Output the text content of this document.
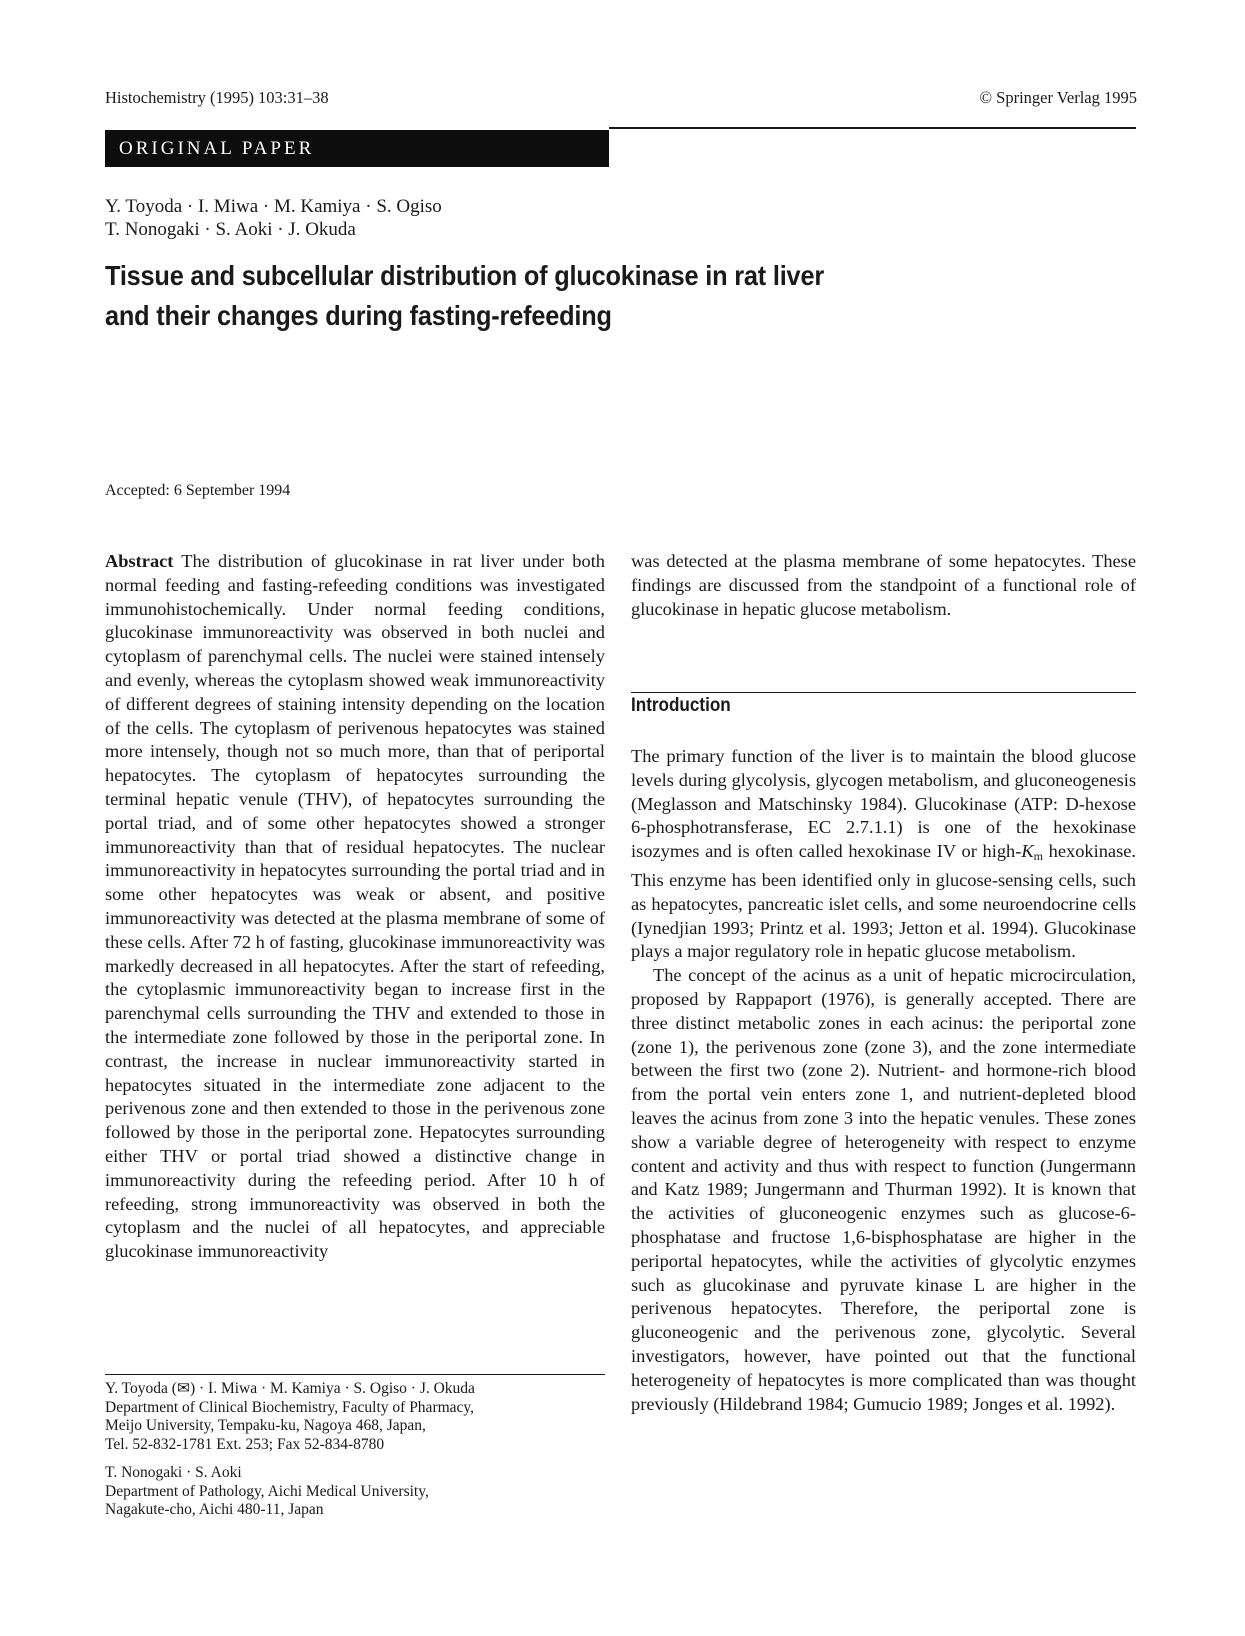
Histochemistry (1995) 103:31–38	© Springer Verlag 1995
ORIGINAL PAPER
Y. Toyoda · I. Miwa · M. Kamiya · S. Ogiso
T. Nonogaki · S. Aoki · J. Okuda
Tissue and subcellular distribution of glucokinase in rat liver
and their changes during fasting-refeeding
Accepted: 6 September 1994

Abstract The distribution of glucokinase in rat liver under both normal feeding and fasting-refeeding conditions was investigated immunohistochemically. Under normal feeding conditions, glucokinase immunoreactivity was observed in both nuclei and cytoplasm of parenchymal cells. The nuclei were stained intensely and evenly, whereas the cytoplasm showed weak immunoreactivity of different degrees of staining intensity depending on the location of the cells. The cytoplasm of perivenous hepatocytes was stained more intensely, though not so much more, than that of periportal hepatocytes. The cytoplasm of hepatocytes surrounding the terminal hepatic venule (THV), of hepatocytes surrounding the portal triad, and of some other hepatocytes showed a stronger immunoreactivity than that of residual hepatocytes. The nuclear immunoreactivity in hepatocytes surrounding the portal triad and in some other hepatocytes was weak or absent, and positive immunoreactivity was detected at the plasma membrane of some of these cells. After 72 h of fasting, glucokinase immunoreactivity was markedly decreased in all hepatocytes. After the start of refeeding, the cytoplasmic immunoreactivity began to increase first in the parenchymal cells surrounding the THV and extended to those in the intermediate zone followed by those in the periportal zone. In contrast, the increase in nuclear immunoreactivity started in hepatocytes situated in the intermediate zone adjacent to the perivenous zone and then extended to those in the perivenous zone followed by those in the periportal zone. Hepatocytes surrounding either THV or portal triad showed a distinctive change in immunoreactivity during the refeeding period. After 10 h of refeeding, strong immunoreactivity was observed in both the cytoplasm and the nuclei of all hepatocytes, and appreciable glucokinase immunoreactivity

Y. Toyoda (✉) · I. Miwa · M. Kamiya · S. Ogiso · J. Okuda
Department of Clinical Biochemistry, Faculty of Pharmacy,
Meijo University, Tempaku-ku, Nagoya 468, Japan,
Tel. 52-832-1781 Ext. 253; Fax 52-834-8780
T. Nonogaki · S. Aoki
Department of Pathology, Aichi Medical University,
Nagakute-cho, Aichi 480-11, Japan

was detected at the plasma membrane of some hepatocytes. These findings are discussed from the standpoint of a functional role of glucokinase in hepatic glucose metabolism.

Introduction

The primary function of the liver is to maintain the blood glucose levels during glycolysis, glycogen metabolism, and gluconeogenesis (Meglasson and Matschinsky 1984). Glucokinase (ATP: D-hexose 6-phosphotransferase, EC 2.7.1.1) is one of the hexokinase isozymes and is often called hexokinase IV or high-$K_m$ hexokinase. This enzyme has been identified only in glucose-sensing cells, such as hepatocytes, pancreatic islet cells, and some neuroendocrine cells (Iynedjian 1993; Printz et al. 1993; Jetton et al. 1994). Glucokinase plays a major regulatory role in hepatic glucose metabolism.

The concept of the acinus as a unit of hepatic microcirculation, proposed by Rappaport (1976), is generally accepted. There are three distinct metabolic zones in each acinus: the periportal zone (zone 1), the perivenous zone (zone 3), and the zone intermediate between the first two (zone 2). Nutrient- and hormone-rich blood from the portal vein enters zone 1, and nutrient-depleted blood leaves the acinus from zone 3 into the hepatic venules. These zones show a variable degree of heterogeneity with respect to enzyme content and activity and thus with respect to function (Jungermann and Katz 1989; Jungermann and Thurman 1992). It is known that the activities of gluconeogenic enzymes such as glucose-6-phosphatase and fructose 1,6-bisphosphatase are higher in the periportal hepatocytes, while the activities of glycolytic enzymes such as glucokinase and pyruvate kinase L are higher in the perivenous hepatocytes. Therefore, the periportal zone is gluconeogenic and the perivenous zone, glycolytic. Several investigators, however, have pointed out that the functional heterogeneity of hepatocytes is more complicated than was thought previously (Hildebrand 1984; Gumucio 1989; Jonges et al. 1992).
